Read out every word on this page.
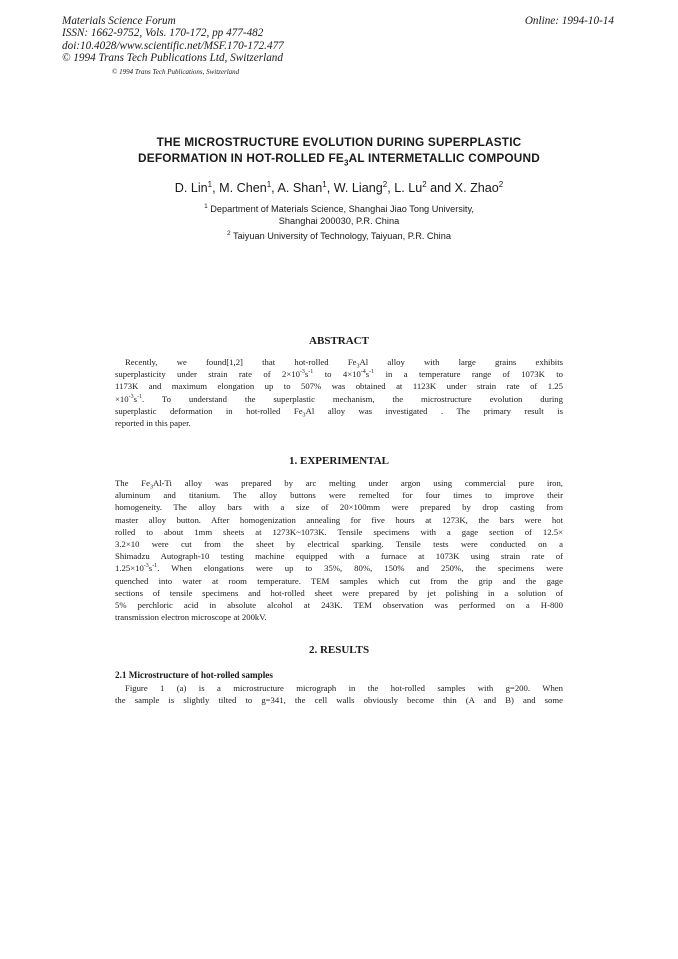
Materials Science Forum
ISSN: 1662-9752, Vols. 170-172, pp 477-482
doi:10.4028/www.scientific.net/MSF.170-172.477
© 1994 Trans Tech Publications Ltd, Switzerland
Online: 1994-10-14
© 1994 Trans Tech Publications, Switzerland
THE MICROSTRUCTURE EVOLUTION DURING SUPERPLASTIC
DEFORMATION IN HOT-ROLLED $FE_3AL$ INTERMETALLIC COMPOUND
D. Lin$^1$, M. Chen$^1$, A. Shan$^1$, W. Liang$^2$, L. Lu$^2$ and X. Zhao$^2$
$^1$ Department of Materials Science, Shanghai Jiao Tong University,
Shanghai 200030, P.R. China
$^2$ Taiyuan University of Technology, Taiyuan, P.R. China
ABSTRACT
Recently, we found[1,2] that hot-rolled $Fe_3Al$ alloy with large grains exhibits
superplasticity under strain rate of $2\times 10^{-3}s^{-1}$ to $4\times 10^{-4}s^{-1}$ in a temperature range of 1073K to
1173K and maximum elongation up to 507% was obtained at 1123K under strain rate of 1.25
$\times 10^{-3}s^{-1}$. To understand the superplastic mechanism, the microstructure evolution during
superplastic deformation in hot-rolled $Fe_3Al$ alloy was investigated . The primary result is
reported in this paper.
1. EXPERIMENTAL
The $Fe_3Al-Ti$ alloy was prepared by arc melting under argon using commercial pure iron,
aluminum and titanium. The alloy buttons were remelted for four times to improve their
homogeneity. The alloy bars with a size of 20×100mm were prepared by drop casting from
master alloy button. After homogenization annealing for five hours at 1273K, the bars were hot
rolled to about 1mm sheets at 1273K~1073K. Tensile specimens with a gage section of 12.5×
3.2×10 were cut from the sheet by electrical sparking. Tensile tests were conducted on a
Shimadzu Autograph-10 testing machine equipped with a furnace at 1073K using strain rate of
$1.25\times 10^{-3}s^{-1}$. When elongations were up to 35%, 80%, 150% and 250%, the specimens were
quenched into water at room temperature. TEM samples which cut from the grip and the gage
sections of tensile specimens and hot-rolled sheet were prepared by jet polishing in a solution of
5% perchloric acid in absolute alcohol at 243K. TEM observation was performed on a H-800
transmission electron microscope at 200kV.
2. RESULTS
2.1 Microstructure of hot-rolled samples
Figure 1 (a) is a microstructure micrograph in the hot-rolled samples with g=200. When
the sample is slightly tilted to g=341, the cell walls obviously become thin (A and B) and some
